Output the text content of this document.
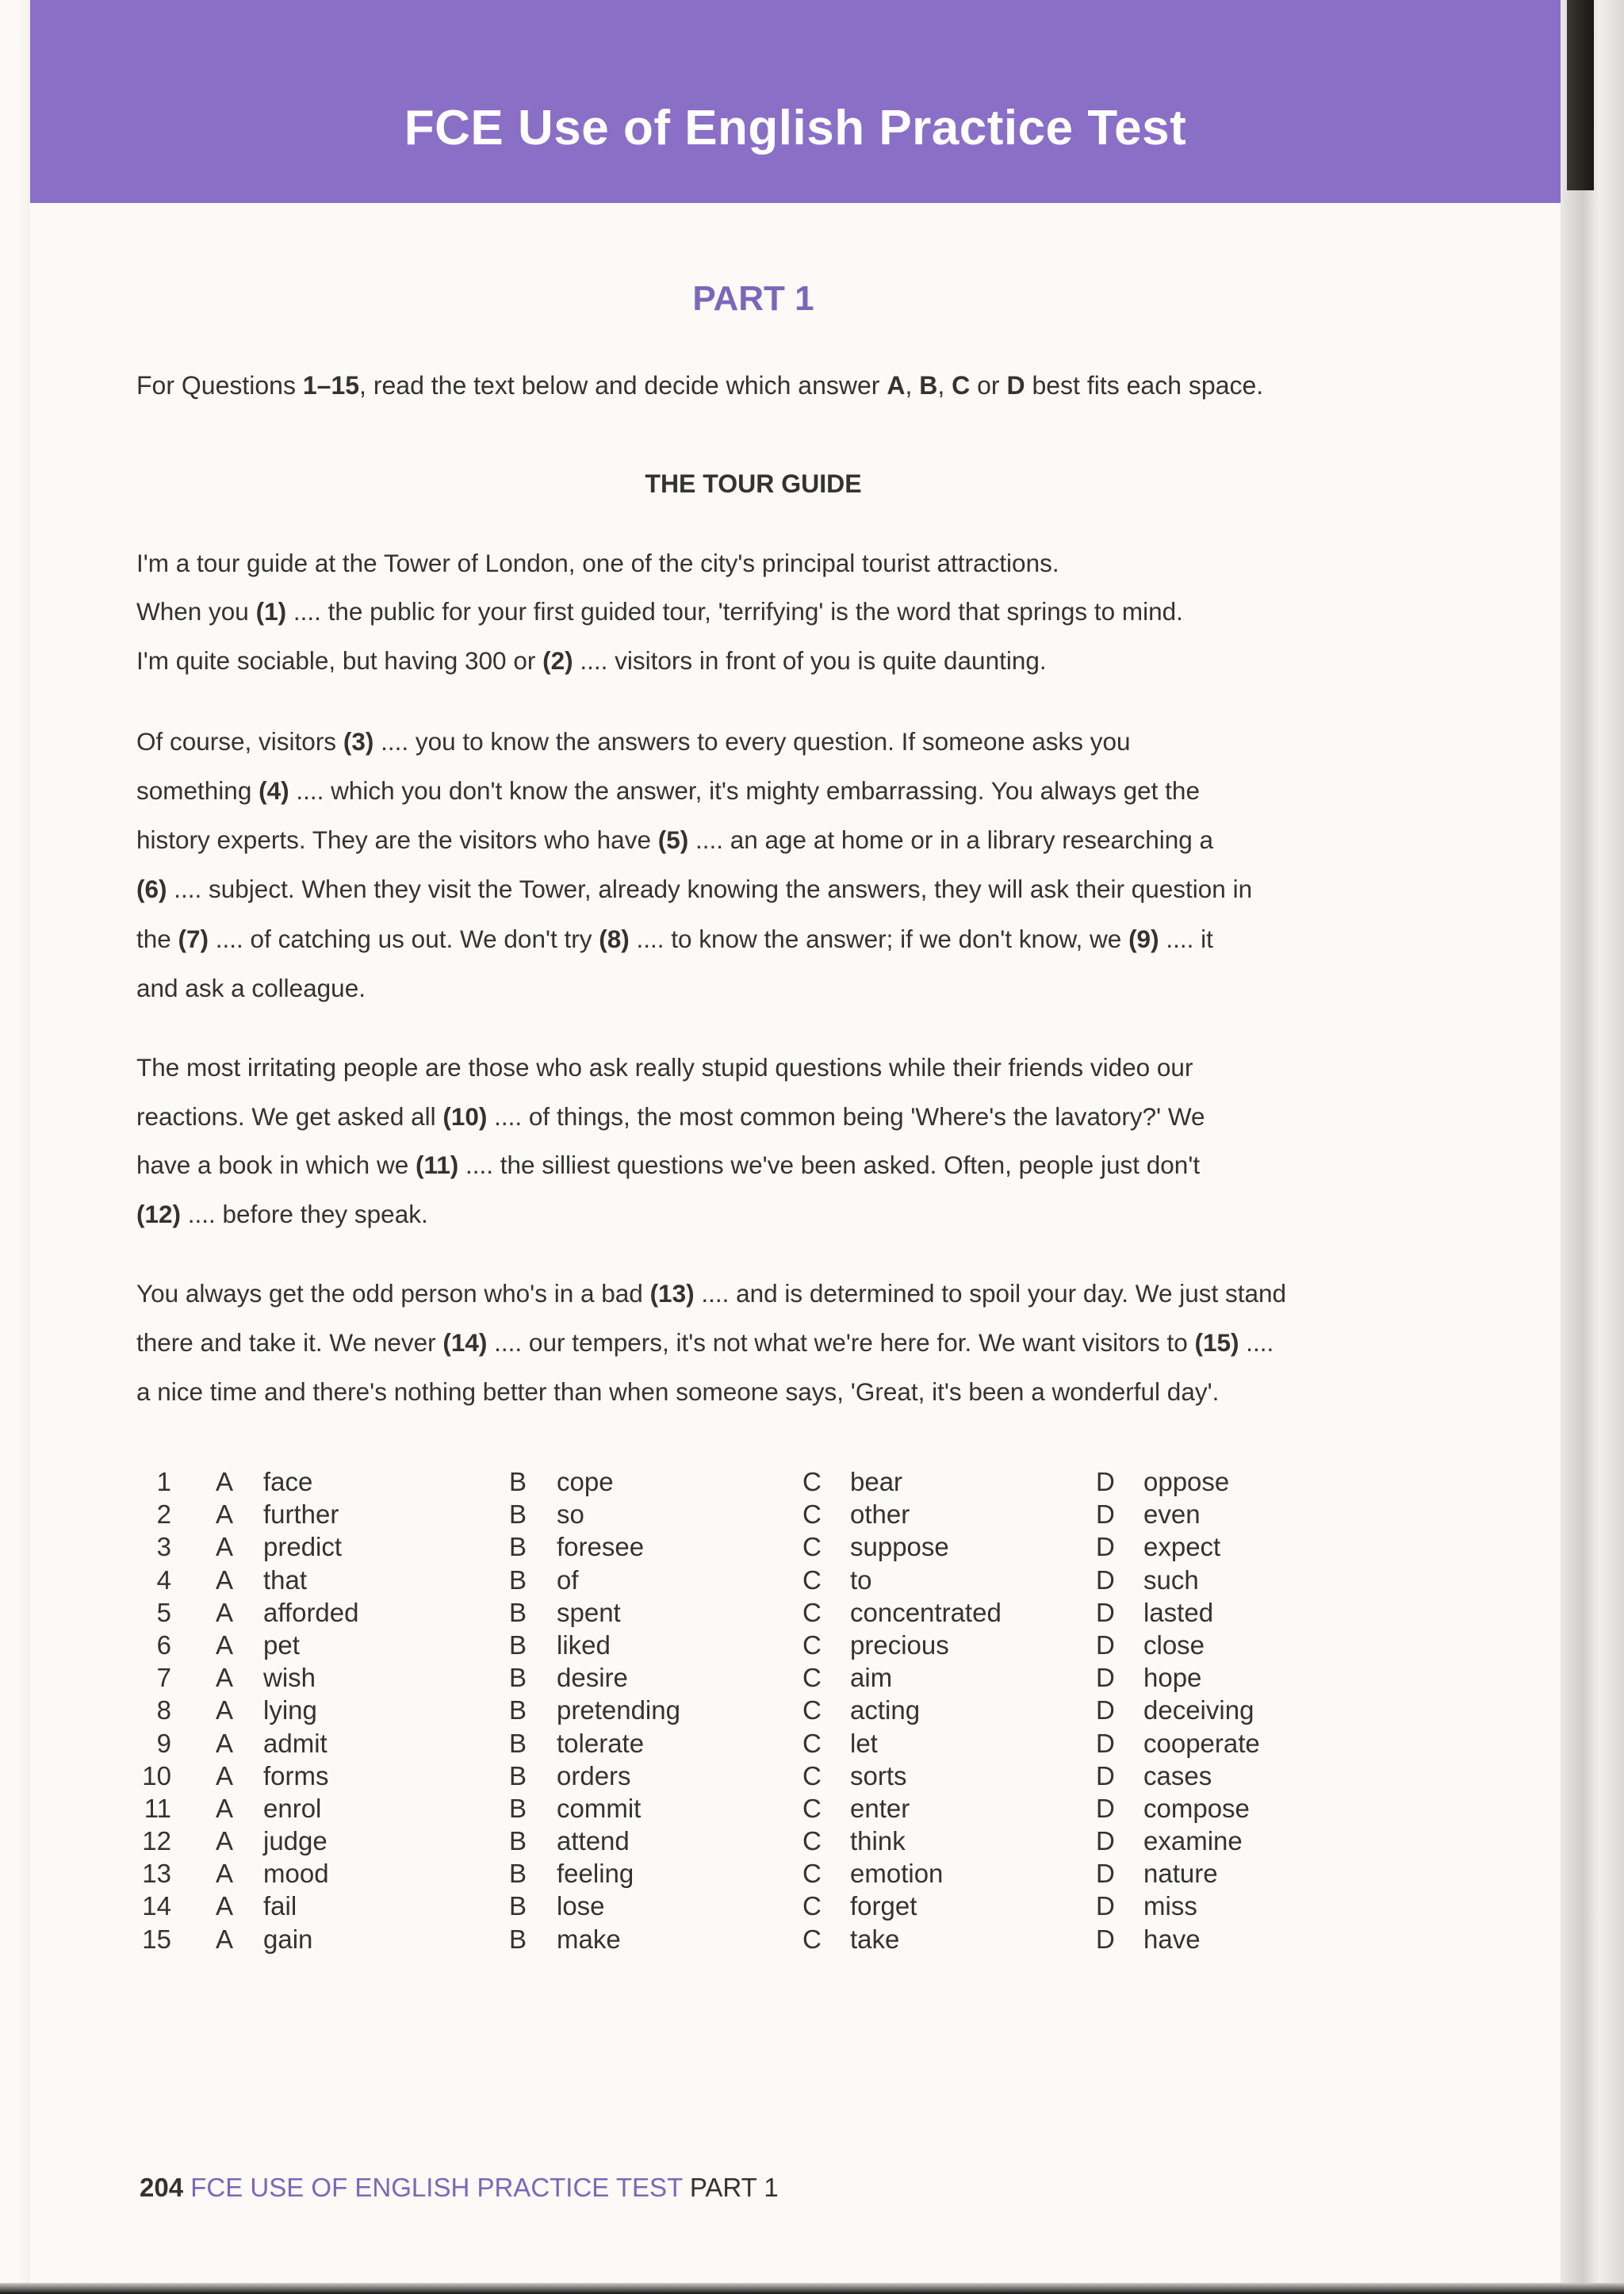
FCE Use of English Practice Test
PART 1
For Questions 1–15, read the text below and decide which answer A, B, C or D best fits each space.
THE TOUR GUIDE
I'm a tour guide at the Tower of London, one of the city's principal tourist attractions.
When you (1) .... the public for your first guided tour, 'terrifying' is the word that springs to mind.
I'm quite sociable, but having 300 or (2) .... visitors in front of you is quite daunting.
Of course, visitors (3) .... you to know the answers to every question. If someone asks you
something (4) .... which you don't know the answer, it's mighty embarrassing. You always get the
history experts. They are the visitors who have (5) .... an age at home or in a library researching a
(6) .... subject. When they visit the Tower, already knowing the answers, they will ask their question in
the (7) .... of catching us out. We don't try (8) .... to know the answer; if we don't know, we (9) .... it
and ask a colleague.
The most irritating people are those who ask really stupid questions while their friends video our
reactions. We get asked all (10) .... of things, the most common being 'Where's the lavatory?' We
have a book in which we (11) .... the silliest questions we've been asked. Often, people just don't
(12) .... before they speak.
You always get the odd person who's in a bad (13) .... and is determined to spoil your day. We just stand
there and take it. We never (14) .... our tempers, it's not what we're here for. We want visitors to (15) ....
a nice time and there's nothing better than when someone says, 'Great, it's been a wonderful day'.
1 A face	B cope	C bear	D oppose
2 A further	B so	C other	D even
3 A predict	B foresee	C suppose	D expect
4 A that	B of	C to	D such
5 A afforded	B spent	C concentrated	D lasted
6 A pet	B liked	C precious	D close
7 A wish	B desire	C aim	D hope
8 A lying	B pretending	C acting	D deceiving
9 A admit	B tolerate	C let	D cooperate
10 A forms	B orders	C sorts	D cases
11 A enrol	B commit	C enter	D compose
12 A judge	B attend	C think	D examine
13 A mood	B feeling	C emotion	D nature
14 A fail	B lose	C forget	D miss
15 A gain	B make	C take	D have
204 FCE USE OF ENGLISH PRACTICE TEST PART 1
